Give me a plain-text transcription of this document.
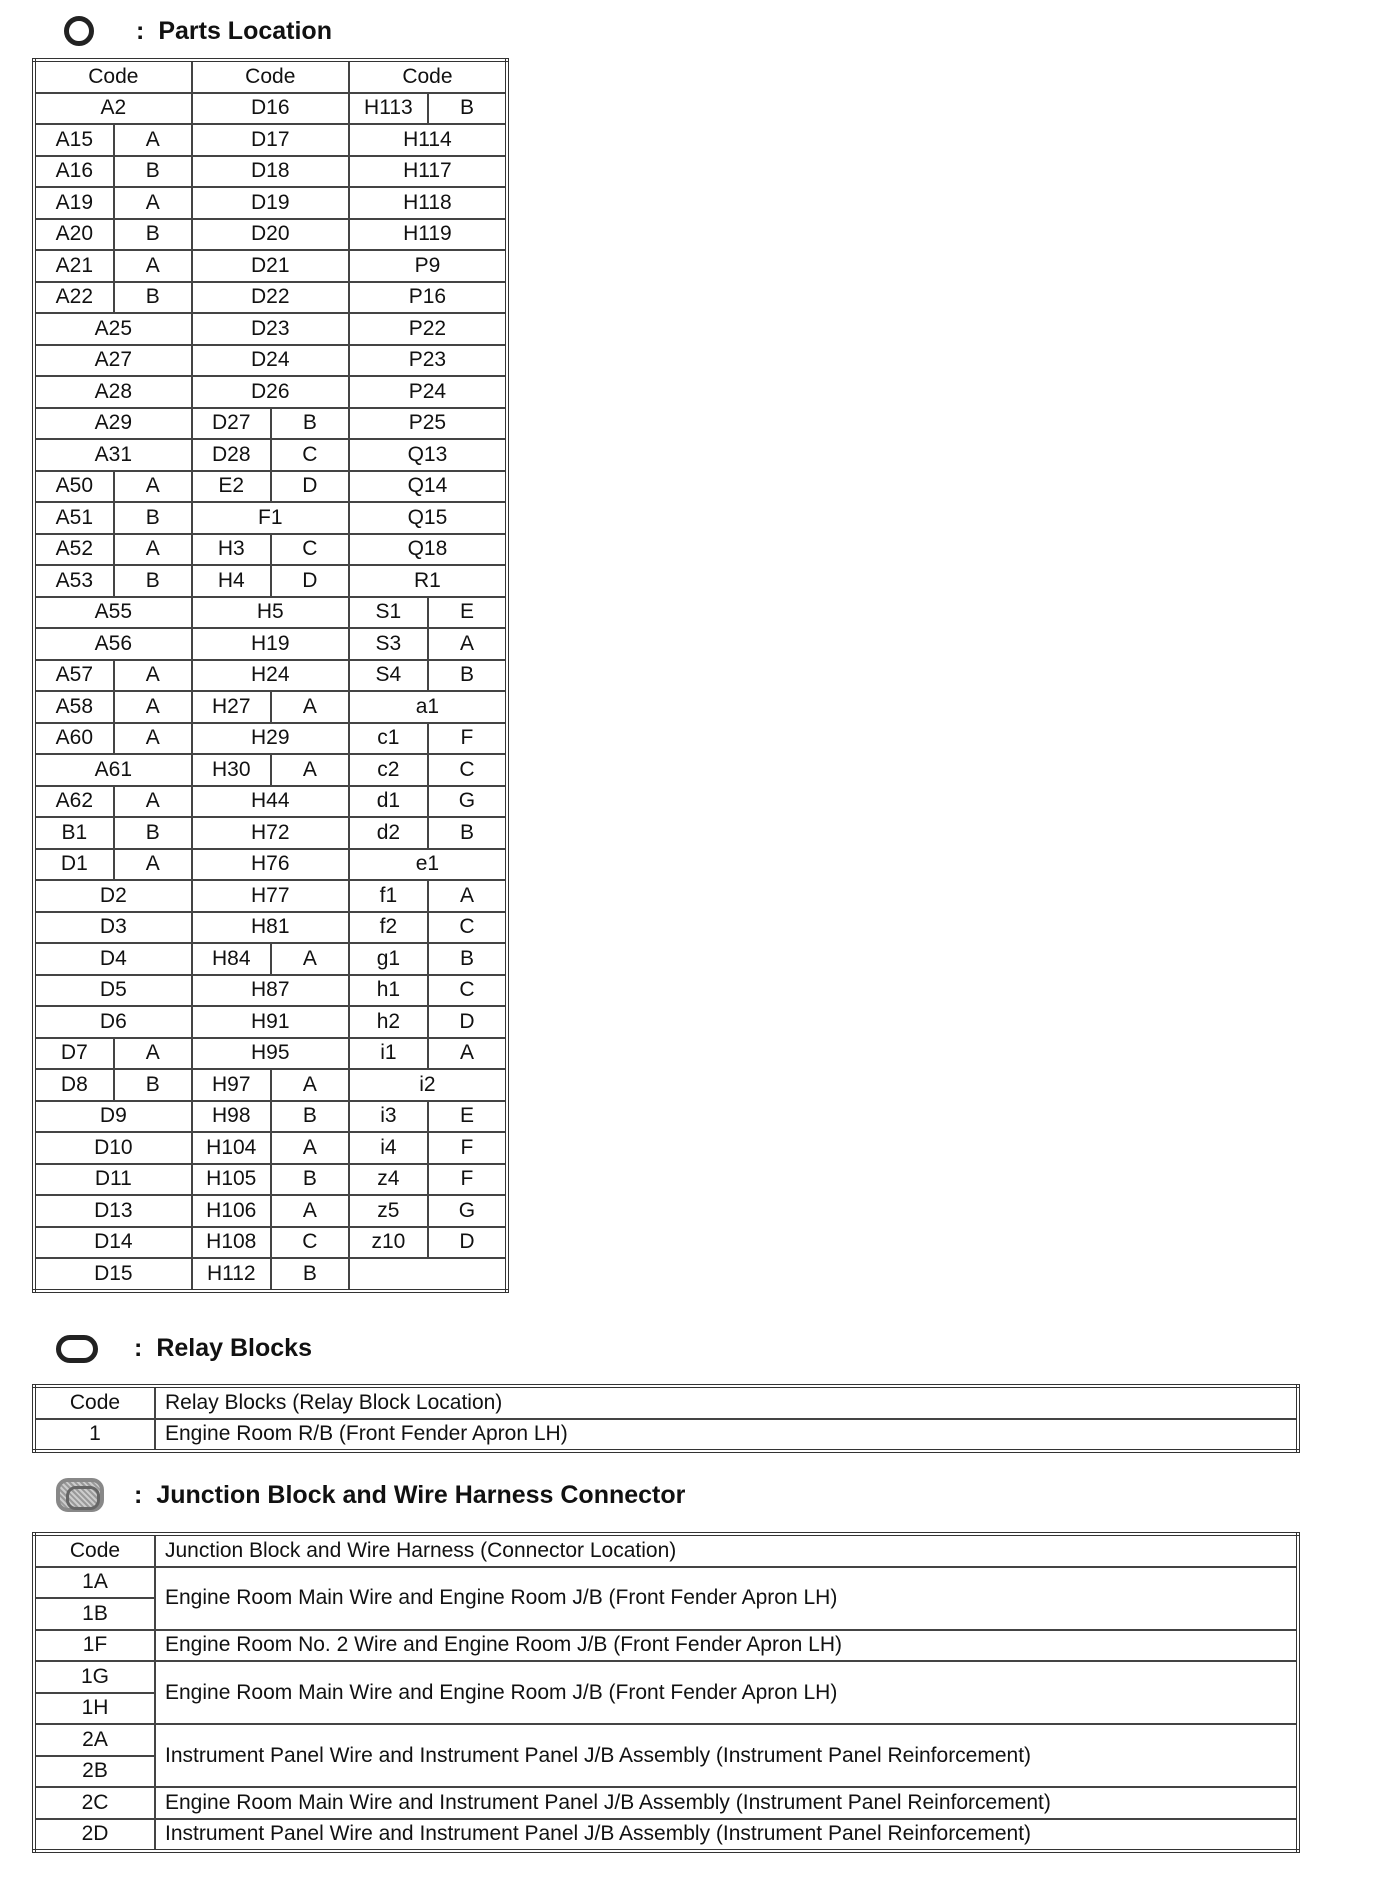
: Parts Location
Code		Code		Code	
A2		D16		H113	B
A15	A	D17		H114	
A16	B	D18		H117	
A19	A	D19		H118	
A20	B	D20		H119	
A21	A	D21		P9	
A22	B	D22		P16	
A25		D23		P22	
A27		D24		P23	
A28		D26		P24	
A29		D27	B	P25	
A31		D28	C	Q13	
A50	A	E2	D	Q14	
A51	B	F1		Q15	
A52	A	H3	C	Q18	
A53	B	H4	D	R1	
A55		H5		S1	E
A56		H19		S3	A
A57	A	H24		S4	B
A58	A	H27	A	a1	
A60	A	H29		c1	F
A61		H30	A	c2	C
A62	A	H44		d1	G
B1	B	H72		d2	B
D1	A	H76		e1	
D2		H77		f1	A
D3		H81		f2	C
D4		H84	A	g1	B
D5		H87		h1	C
D6		H91		h2	D
D7	A	H95		i1	A
D8	B	H97	A	i2	
D9		H98	B	i3	E
D10		H104	A	i4	F
D11		H105	B	z4	F
D13		H106	A	z5	G
D14		H108	C	z10	D
D15		H112	B		
: Relay Blocks
Code	Relay Blocks (Relay Block Location)
1	Engine Room R/B (Front Fender Apron LH)
: Junction Block and Wire Harness Connector
Code	Junction Block and Wire Harness (Connector Location)
1A	Engine Room Main Wire and Engine Room J/B (Front Fender Apron LH)
1B	
1F	Engine Room No. 2 Wire and Engine Room J/B (Front Fender Apron LH)
1G	Engine Room Main Wire and Engine Room J/B (Front Fender Apron LH)
1H	
2A	Instrument Panel Wire and Instrument Panel J/B Assembly (Instrument Panel Reinforcement)
2B	
2C	Engine Room Main Wire and Instrument Panel J/B Assembly (Instrument Panel Reinforcement)
2D	Instrument Panel Wire and Instrument Panel J/B Assembly (Instrument Panel Reinforcement)
